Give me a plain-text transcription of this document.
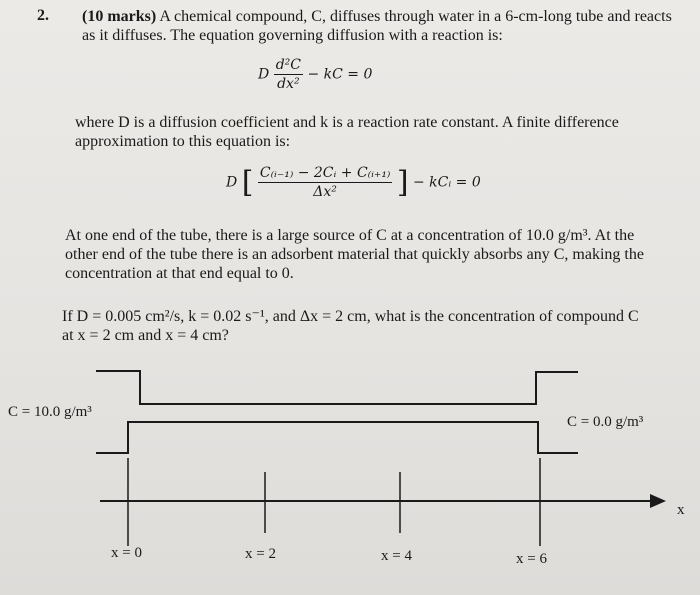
2. (10 marks) A chemical compound, C, diffuses through water in a 6-cm-long tube and reacts as it diffuses. The equation governing diffusion with a reaction is:
D $\frac{\text{d²C}}{\text{dx²}}$ − kC = 0
where D is a diffusion coefficient and k is a reaction rate constant. A finite difference approximation to this equation is:
D [ $\frac{\text{C₍ᵢ₋₁₎ − 2Cᵢ + C₍ᵢ₊₁₎}}{\text{Δx²}}$ ] − kCᵢ = 0
At one end of the tube, there is a large source of C at a concentration of 10.0 g/m³. At the other end of the tube there is an adsorbent material that quickly absorbs any C, making the concentration at that end equal to 0.
If D = 0.005 cm²/s, k = 0.02 s⁻¹, and Δx = 2 cm, what is the concentration of compound C at x = 2 cm and x = 4 cm?
C = 10.0 g/m³
C = 0.0 g/m³
x
x = 0	x = 2	x = 4	x = 6
